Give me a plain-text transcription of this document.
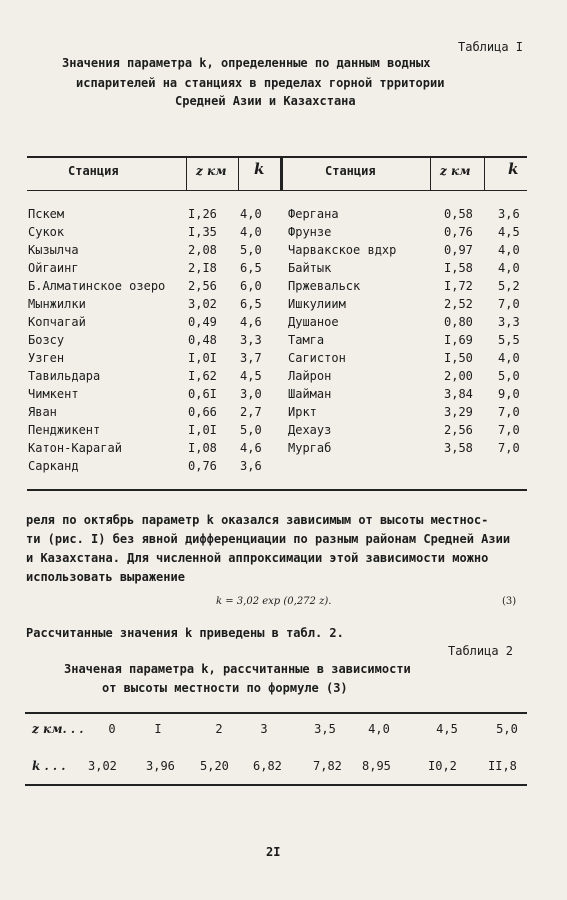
Таблица I
Значения параметра k, определенные по данным водных
испарителей на станциях в пределах горной трритории
Средней Азии и Казахстана
Станция	z км k	Станция	z км k
Пскем	I,26 4,0
Сукок	I,35 4,0
Кызылча	2,08 5,0
Ойгаинг	2,I8 6,5
Б.Алматинское озеро 2,56 6,0
Мынжилки	3,02 6,5
Копчагай	0,49 4,6
Бозсу	0,48 3,3
Узген	I,0I 3,7
Тавильдара	I,62 4,5
Чимкент	0,6I 3,0
Яван	0,66 2,7
Пенджикент	I,0I 5,0
Катон-Карагай	I,08 4,6
Сарканд	0,76 3,6
Фергана	0,58 3,6
Фрунзе	0,76 4,5
Чарвакское вдхр	0,97 4,0
Байтык	I,58 4,0
Пржевальск	I,72 5,2
Ишкулиим	2,52 7,0
Душаное	0,80 3,3
Тамга	I,69 5,5
Сагистон	I,50 4,0
Лайрон	2,00 5,0
Шайман	3,84 9,0
Иркт	3,29 7,0
Дехауз	2,56 7,0
Мургаб	3,58 7,0
реля по октябрь параметр k оказался зависимым от высоты местнос-
ти (рис. I) без явной дифференциации по разным районам Средней Азии
и Казахстана. Для численной аппроксимации этой зависимости можно
использовать выражение
k = 3,02 exp (0,272 z).	(3)
Рассчитанные значения k приведены в табл. 2.
Таблица 2
Значеная параметра k, рассчитанные в зависимости
от высоты местности по формуле (3)
z км. . .	0	I	2	3	3,5	4,0	4,5	5,0
k . . . 3,02 3,96 5,20 6,82	7,82 8,95	I0,2	II,8
2I
